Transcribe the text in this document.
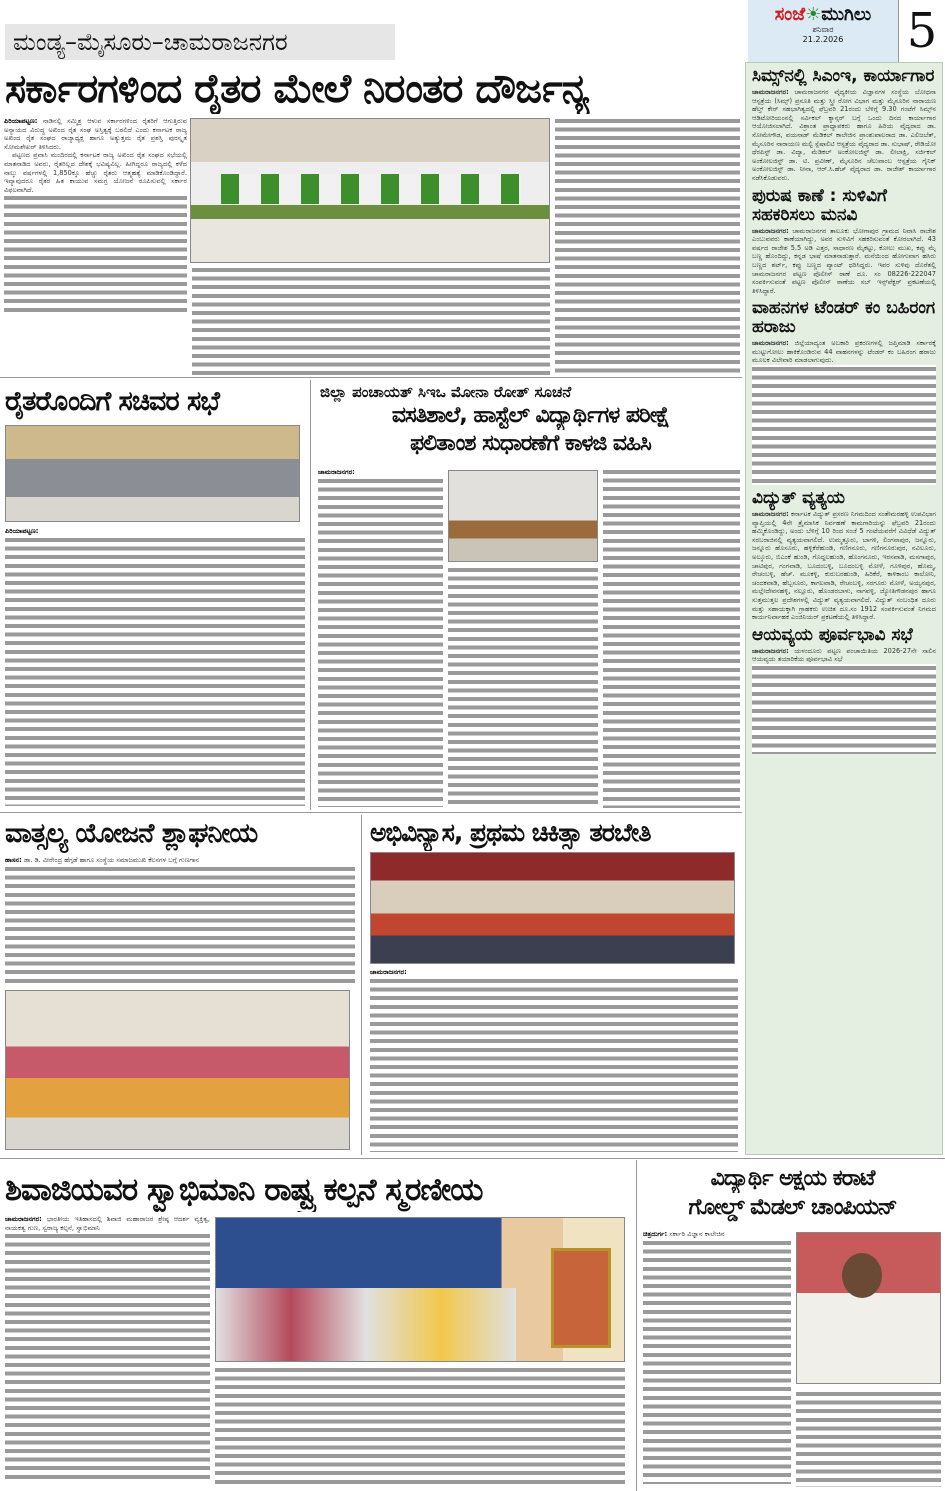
ಮಂಡ್ಯ–ಮೈಸೂರು–ಚಾಮರಾಜನಗರ
ಸಂಜೆ☀ಮುಗಿಲು
ಶನಿವಾರ
21.2.2026	5
ಸರ್ಕಾರಗಳಿಂದ ರೈತರ ಮೇಲೆ ನಿರಂತರ ದೌರ್ಜನ್ಯ

ಪಿರಿಯಾಪಟ್ಟಣ: ನಾಡಿನಲ್ಲಿ ಸಮ್ಮಿಶ್ರ ಆಳುವ ಸರ್ಕಾರಗಳಿಂದ ರೈತರಿಗೆ ಆಗುತ್ತಿರುವ ಅನ್ಯಾಯದ ವಿರುದ್ಧ ಅಖಿಂದ ರೈತ ಸಂಘ ಅಸ್ತಿತ್ವಕ್ಕೆ ಬರಲಿದೆ ಎಂದು ಕರ್ನಾಟಕ ರಾಜ್ಯ ಅಖಿಂದ ರೈತ ಸಂಘದ ರಾಜ್ಯಾಧ್ಯಕ್ಷ ಹಾಗೂ ಅತ್ಯುತ್ತಮ ರೈತ ಪ್ರಶಸ್ತಿ ಪುರಸ್ಕೃತ ಸೋಮಶೇಖರ್ ತಿಳಿಸಿದರು.

ಪಟ್ಟಣದ ಪ್ರವಾಸಿ ಮಂದಿರದಲ್ಲಿ ಕರ್ನಾಟಕ ರಾಜ್ಯ ಅಖಿಂದ ರೈತ ಸಂಘದ ಸಭೆಯಲ್ಲಿ ಮಾತನಾಡಿದ ಅವರು, ರೈತರಿಲ್ಲದ ದೇಶಕ್ಕೆ ಭವಿಷ್ಯವಿಲ್ಲ. ಹೀಗಿದ್ದರೂ ರಾಜ್ಯದಲ್ಲಿ ಕಳೆದ ನಾಲ್ಕು ವರ್ಷಗಳಲ್ಲಿ 1,850ಕ್ಕೂ ಹೆಚ್ಚು ರೈತರು ಆತ್ಮಹತ್ಯೆ ಮಾಡಿಕೊಂಡಿದ್ದಾರೆ. ಇವ್ಯಾವುದರೂ ರೈತರ ಹಿತ ಕಾಯುವ ಸಮಗ್ರ ಯೋಜನೆ ರೂಪಿಸುವಲ್ಲಿ ಸರ್ಕಾರ ವಿಫಲವಾಗಿದೆ.

ರೈತರೊಂದಿಗೆ ಸಚಿವರ ಸಭೆ
ಪಿರಿಯಾಪಟ್ಟಣ:
ಜಿಲ್ಲಾ ಪಂಚಾಯತ್ ಸಿಇಒ ಮೋನಾ ರೋತ್ ಸೂಚನೆ
ವಸತಿಶಾಲೆ, ಹಾಸ್ಟೆಲ್ ವಿದ್ಯಾರ್ಥಿಗಳ ಪರೀಕ್ಷೆ
ಫಲಿತಾಂಶ ಸುಧಾರಣೆಗೆ ಕಾಳಜಿ ವಹಿಸಿ
ಚಾಮರಾಜನಗರ:
ವಾತ್ಸಲ್ಯ ಯೋಜನೆ ಶ್ಲಾಘನೀಯ
ಹಾಸನ: ಡಾ. ಡಿ. ವೀರೇಂದ್ರ ಹೆಗ್ಗಡೆ ಹಾಗೂ ಸಂಸ್ಥೆಯ ಸಮಾಜಮುಖಿ ಕೆಲಸಗಳ ಬಗ್ಗೆ ಗುಣಗಾನ
ಅಭಿವಿನ್ಯಾಸ, ಪ್ರಥಮ ಚಿಕಿತ್ಸಾ ತರಬೇತಿ
ಚಾಮರಾಜನಗರ:
ಸಿಮ್ಸ್‌ನಲ್ಲಿ ಸಿಎಂಇ, ಕಾರ್ಯಾಗಾರ

ಚಾಮರಾಜನಗರ: ಚಾಮರಾಜನಗರ ವೈದ್ಯಕೀಯ ವಿಜ್ಞಾನಗಳ ಸಂಸ್ಥೆಯ ಬೋಧನಾ ಆಸ್ಪತ್ರೆಯ (ಸಿಮ್ಸ್) ಪ್ರಸೂತಿ ಮತ್ತು ಸ್ತ್ರೀ ರೋಗ ವಿಭಾಗ ಮತ್ತು ಮೈಸೂರಿನ ನಾರಾಯಣ ಹೆಲ್ತ್ ಕೇರ್ ಸಹಭಾಗಿತ್ವದಲ್ಲಿ ಫೆಬ್ರವರಿ 21ರಂದು ಬೆಳಿಗ್ಗೆ 9.30 ಗಂಟೆಗೆ ಸಿಮ್ಸ್‌ನ ಆಡಿಟೋರಿಯಂನಲ್ಲಿ ಸರ್ವಿಕಲ್ ಕ್ಯಾನ್ಸರ್ ಬಗ್ಗೆ ಒಂದು ದಿನದ ಕಾರ್ಯಾಗಾರ ಆಯೋಜಿಸಲಾಗಿದೆ. ವಿಶ್ರಾಂತ ಪ್ರಾಧ್ಯಾಪಕರು ಹಾಗೂ ಹಿರಿಯ ವೈದ್ಯರಾದ ಡಾ. ಸೋಮೇಗೌಡ, ವಯನಾಡ್ ಮೆಡಿಕಲ್ ಕಾಲೇಜಿನ ಪ್ರಾಂಶುಪಾಲರಾದ ಡಾ. ಎಲಿಜಬೆತ್, ಮೈಸೂರಿನ ನಾರಾಯಣ ಮಲ್ಟಿ ಸ್ಪೆಷಾಲಿಟಿ ಆಸ್ಪತ್ರೆಯ ವೈದ್ಯರಾದ ಡಾ. ಸುಭಾಷ್, ರೇಡಿಯೋ ಥೆರಪಿಸ್ಟ್ ಡಾ. ವಿದ್ಯಾ, ಮೆಡಿಕಲ್ ಅಂಕೋಲಜಿಸ್ಟ್ ಡಾ. ಲೀಲಾಕ್ಷಿ, ಸರ್ಜಿಕಲ್ ಅಂಕೋಲಜಿಸ್ಟ್ ಡಾ. ಟಿ. ಪ್ರವೀಣ್, ಮೈಸೂರಿನ ಚೆಲುವಾಂಬ ಆಸ್ಪತ್ರೆಯ ಗೈನಿಕ್ ಅಂಕೋಲಜಿಸ್ಟ್ ಡಾ. ನೀನಾ, ಆರ್.ಸಿ.ಹೆಚ್ ವೈದ್ಯರಾದ ಡಾ. ರಾಜೇಶ್ ಕಾರ್ಯಾಗಾರ ನಡೆಸಿಕೊಡುವರು.

ಪುರುಷ ಕಾಣೆ : ಸುಳಿವಿಗೆ ಸಹಕರಿಸಲು ಮನವಿ

ಚಾಮರಾಜನಗರ: ಚಾಮರಾಜನಗರ ತಾಲೂಕು ಭೋಗಾಪುರ ಗ್ರಾಮದ ನಿವಾಸಿ ರಾಜೇಶ ಎಂಬುವವರು ಕಾಣೆಯಾಗಿದ್ದು, ಅವರ ಸುಳಿವಿಗೆ ಸಹಕರಿಸುವಂತೆ ಕೋರಲಾಗಿದೆ. 43 ವರ್ಷದ ರಾಜೇಶ 5.5 ಅಡಿ ಎತ್ತರ, ಸಾಧಾರಣ ಮೈಕಟ್ಟು, ಕೋಲು ಮುಖ, ಕಪ್ಪು ಮೈ ಬಣ್ಣ ಹೊಂದಿದ್ದು, ಕನ್ನಡ ಭಾಷೆ ಮಾತನಾಡುತ್ತಾರೆ. ಮನೆಯಿಂದ ಹೋಗುವಾಗ ಹಸಿರು ಬಣ್ಣದ ಶರ್ಟ್, ಕಪ್ಪು ಬಣ್ಣದ ಪ್ಯಾಂಟ್ ಧರಿಸಿದ್ದರು. ಇವರ ಸುಳಿವು ದೊರೆತಲ್ಲಿ ಚಾಮರಾಜನಗರ ಪಟ್ಟಣ ಪೊಲೀಸ್ ಠಾಣೆ ದೂ. ಸಂ 08226-222047 ಸಂಪರ್ಕಿಸುವಂತೆ ಪಟ್ಟಣ ಪೊಲೀಸ್ ಠಾಣೆಯ ಸಬ್ ಇನ್ಸ್‌ಪೆಕ್ಟರ್ ಪ್ರಕಟಣೆಯಲ್ಲಿ ತಿಳಿಸಿದ್ದಾರೆ.

ವಾಹನಗಳ ಟೆಂಡರ್ ಕಂ ಬಹಿರಂಗ ಹರಾಜು

ಚಾಮರಾಜನಗರ: ಜಿಲ್ಲೆಯಾದ್ಯಂತ ಅಬಕಾರಿ ಪ್ರಕರಣಗಳಲ್ಲಿ ಜಪ್ತಿಮಾಡಿ ಸರ್ಕಾರಕ್ಕೆ ಮುಟ್ಟುಗೋಲು ಹಾಕಿಕೊಂಡಿರುವ 44 ವಾಹನಗಳನ್ನು ಟೆಂಡರ್ ಕಂ ಬಹಿರಂಗ ಹರಾಜು ಮೂಲಕ ವಿಲೇವಾರಿ ಮಾಡಲಾಗುವುದು.

ವಿದ್ಯುತ್ ವ್ಯತ್ಯಯ

ಚಾಮರಾಜನಗರ: ಕರ್ನಾಟಕ ವಿದ್ಯುತ್ ಪ್ರಸರಣ ನಿಗಮದಿಂದ ಸಂತೇಮರಹಳ್ಳಿ ಉಪವಿಭಾಗ ವ್ಯಾಪ್ತಿಯಲ್ಲಿ 4ನೇ ತ್ರೈಮಾಸಿಕ ನಿರ್ವಹಣೆ ಕಾಮಗಾರಿಯನ್ನು ಫೆಬ್ರವರಿ 21ರಂದು ಹಮ್ಮಿಕೊಂಡಿದ್ದು, ಅಂದು ಬೆಳಿಗ್ಗೆ 10 ರಿಂದ ಸಂಜೆ 5 ಗಂಟೆಯವರೆಗೆ ವಿವಿಧೆಡೆ ವಿದ್ಯುತ್ ಸರಬರಾಜಿನಲ್ಲಿ ವ್ಯತ್ಯಯವಾಗಲಿದೆ. ಉಮ್ಮತ್ತೂರು, ಬಾಗಳಿ, ಲಿಂಗನಾಪುರ, ಜನ್ನೂರು, ಜನ್ನೂರು ಹೊಸೂರು, ಹಳ್ಳಿಕೆರೆಹುಂಡಿ, ಗಣಿಗನೂರು, ಗಣಿಗನೂರುಪುರ, ನವಿಲೂರು, ಅಲ್ಕೂರು, ಬಿಎಂಕೆ ಹುಂಡಿ, ಗೊದ್ದಲಹುಂಡಿ, ಹೊಂಗನೂರು, ಇರಸವಾಡಿ, ಮಸಗಾಪುರ, ಚಾಟಿಪುರ, ಗಂಗವಾಡಿ, ಬೂದಂಬಳ್ಳಿ, ಬೂದಂಬಳ್ಳಿ ಮೋಳೆ, ಗೂಳಿಪುರ, ಹೊಮ್ಮ, ರೇಚಂಬಳ್ಳಿ, ಹೆಚ್. ಮೂಕಳ್ಳಿ, ಕುರುಬರಹುಂಡಿ, ಹಿರಿಕೆರೆ, ಕಾಳಿಕಾಂಬ ಕಾಲೋನಿ, ಚಂದಕವಾಡಿ, ಹೆಬ್ಬಸೂರು, ಕಾಗಲವಾಡಿ, ರೇಚಂಬಳ್ಳಿ, ಸರಗೂರು ಮೋಳೆ, ಅಯ್ಯನಪುರ, ಮಲ್ಲೇದೇವನಹಳ್ಳಿ, ನಲ್ಲೂರು, ಹೊಂಡರಬಾಳು, ನಾಗವಳ್ಳಿ, ಜ್ಯೋತಿಗೌಡನಪುರ ಹಾಗೂ ಸುತ್ತಮುತ್ತಲ ಪ್ರದೇಶಗಳಲ್ಲಿ ವಿದ್ಯುತ್ ವ್ಯತ್ಯಯವಾಗಲಿದೆ. ವಿದ್ಯುತ್ ಸಂಬಂಧಿತ ದೂರು ಮತ್ತು ಸಹಾಯಕ್ಕಾಗಿ ಗ್ರಾಹಕರು ಉಚಿತ ದೂ.ಸಂ 1912 ಸಂಪರ್ಕಿಸುವಂತೆ ನಿಗಮದ ಕಾರ್ಯನಿರ್ವಾಹಕ ಎಂಜಿನಿಯರ್ ಪ್ರಕಟಣೆಯಲ್ಲಿ ತಿಳಿಸಿದ್ದಾರೆ.

ಆಯವ್ಯಯ ಪೂರ್ವಭಾವಿ ಸಭೆ

ಚಾಮರಾಜನಗರ: ಯಳಂದೂರು ಪಟ್ಟಣ ಪಂಚಾಯಿತಿಯ 2026-27ನೇ ಸಾಲಿನ ಆಯವ್ಯಯ ತಯಾರಿಕೆಯ ಪೂರ್ವಭಾವಿ ಸಭೆ

ಶಿವಾಜಿಯವರ ಸ್ವಾಭಿಮಾನಿ ರಾಷ್ಟ್ರ ಕಲ್ಪನೆ ಸ್ಮರಣೀಯ
ಚಾಮರಾಜನಗರ: ಭಾರತೀಯ ಇತಿಹಾಸದಲ್ಲಿ ಶಿವಾಜಿ ಮಹಾರಾಜರ ಶ್ರೇಷ್ಠ ಆದರ್ಶ ವ್ಯಕ್ತಿತ್ವ, ನಾಯಕತ್ವ ಗುಣ, ಸ್ವರಾಜ್ಯ ಕಲ್ಪನೆ, ಸ್ವಾಭಿಮಾನಿ
ವಿದ್ಯಾರ್ಥಿ ಅಕ್ಷಯ ಕರಾಟೆ
ಗೋಲ್ಡ್ ಮೆಡಲ್ ಚಾಂಪಿಯನ್
ಚಿತ್ರದುರ್ಗ: ಸರ್ಕಾರಿ ವಿಜ್ಞಾನ ಕಾಲೇಜಿನ
